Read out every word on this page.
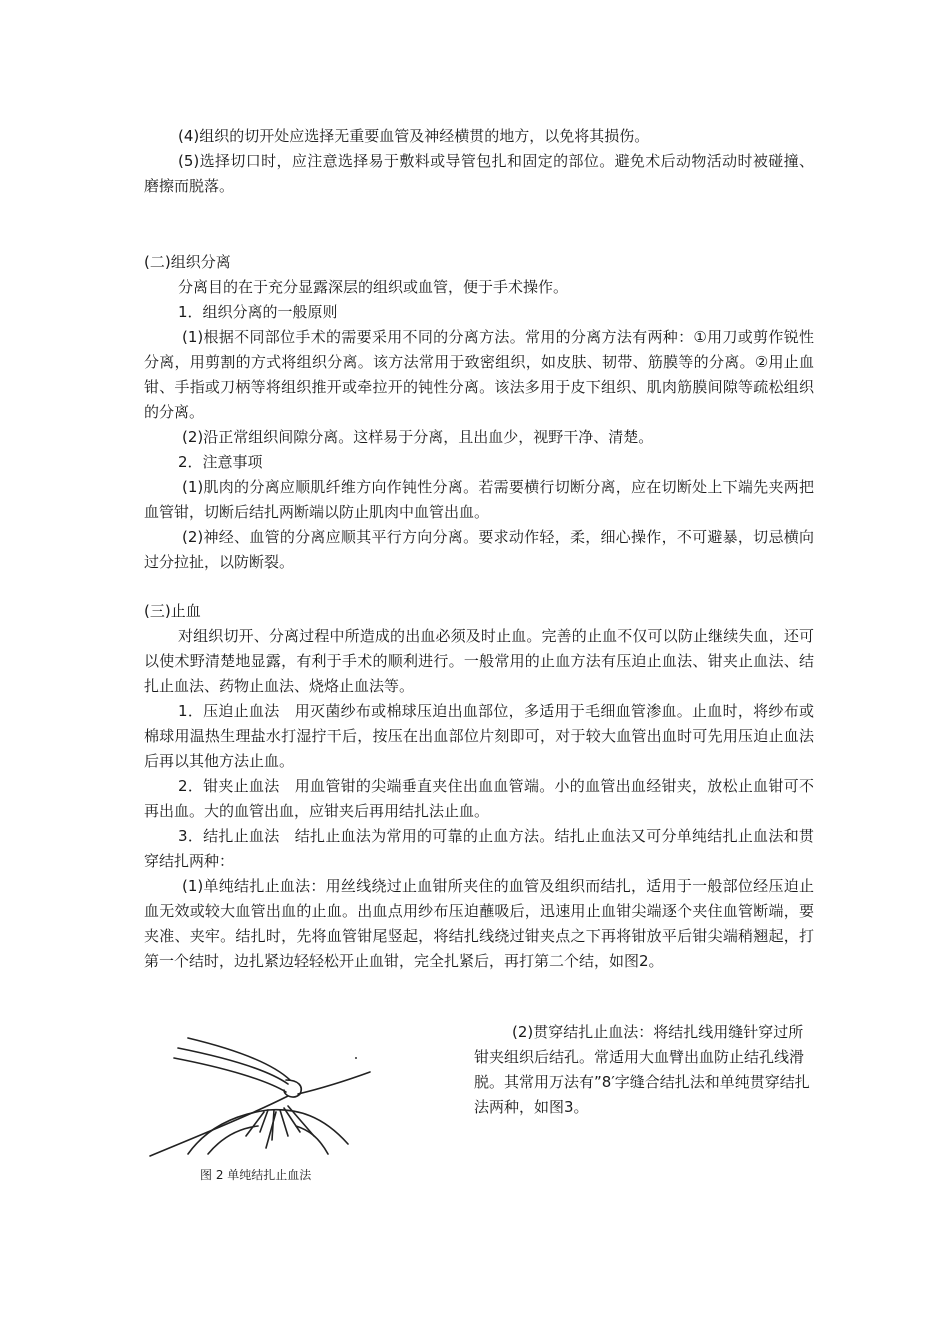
(4)组织的切开处应选择无重要血管及神经横贯的地方，以免将其损伤。

(5)选择切口时，应注意选择易于敷料或导管包扎和固定的部位。避免术后动物活动时被碰撞、磨擦而脱落。

(二)组织分离

分离目的在于充分显露深层的组织或血管，便于手术操作。

1．组织分离的一般原则

(1)根据不同部位手术的需要采用不同的分离方法。常用的分离方法有两种：①用刀或剪作锐性分离，用剪割的方式将组织分离。该方法常用于致密组织，如皮肤、韧带、筋膜等的分离。②用止血钳、手指或刀柄等将组织推开或牵拉开的钝性分离。该法多用于皮下组织、肌肉筋膜间隙等疏松组织的分离。

(2)沿正常组织间隙分离。这样易于分离，且出血少，视野干净、清楚。

2．注意事项

(1)肌肉的分离应顺肌纤维方向作钝性分离。若需要横行切断分离，应在切断处上下端先夹两把血管钳，切断后结扎两断端以防止肌肉中血管出血。

(2)神经、血管的分离应顺其平行方向分离。要求动作轻，柔，细心操作，不可避暴，切忌横向过分拉扯，以防断裂。

(三)止血

对组织切开、分离过程中所造成的出血必须及时止血。完善的止血不仅可以防止继续失血，还可以使术野清楚地显露，有利于手术的顺利进行。一般常用的止血方法有压迫止血法、钳夹止血法、结扎止血法、药物止血法、烧烙止血法等。

1．压迫止血法　用灭菌纱布或棉球压迫出血部位，多适用于毛细血管渗血。止血时，将纱布或棉球用温热生理盐水打湿拧干后，按压在出血部位片刻即可，对于较大血管出血时可先用压迫止血法后再以其他方法止血。

2．钳夹止血法　用血管钳的尖端垂直夹住出血血管端。小的血管出血经钳夹，放松止血钳可不再出血。大的血管出血，应钳夹后再用结扎法止血。

3．结扎止血法　结扎止血法为常用的可靠的止血方法。结扎止血法又可分单纯结扎止血法和贯穿结扎两种：

(1)单纯结扎止血法：用丝线绕过止血钳所夹住的血管及组织而结扎，适用于一般部位经压迫止血无效或较大血管出血的止血。出血点用纱布压迫蘸吸后，迅速用止血钳尖端逐个夹住血管断端，要夹准、夹牢。结扎时，先将血管钳尾竖起，将结扎线绕过钳夹点之下再将钳放平后钳尖端稍翘起，打第一个结时，边扎紧边轻轻松开止血钳，完全扎紧后，再打第二个结，如图2。

图 2 单纯结扎止血法

(2)贯穿结扎止血法：将结扎线用缝针穿过所钳夹组织后结孔。常适用大血臂出血防止结孔线滑脱。其常用万法有”8′字缝合结扎法和单纯贯穿结扎法两种，如图3。
